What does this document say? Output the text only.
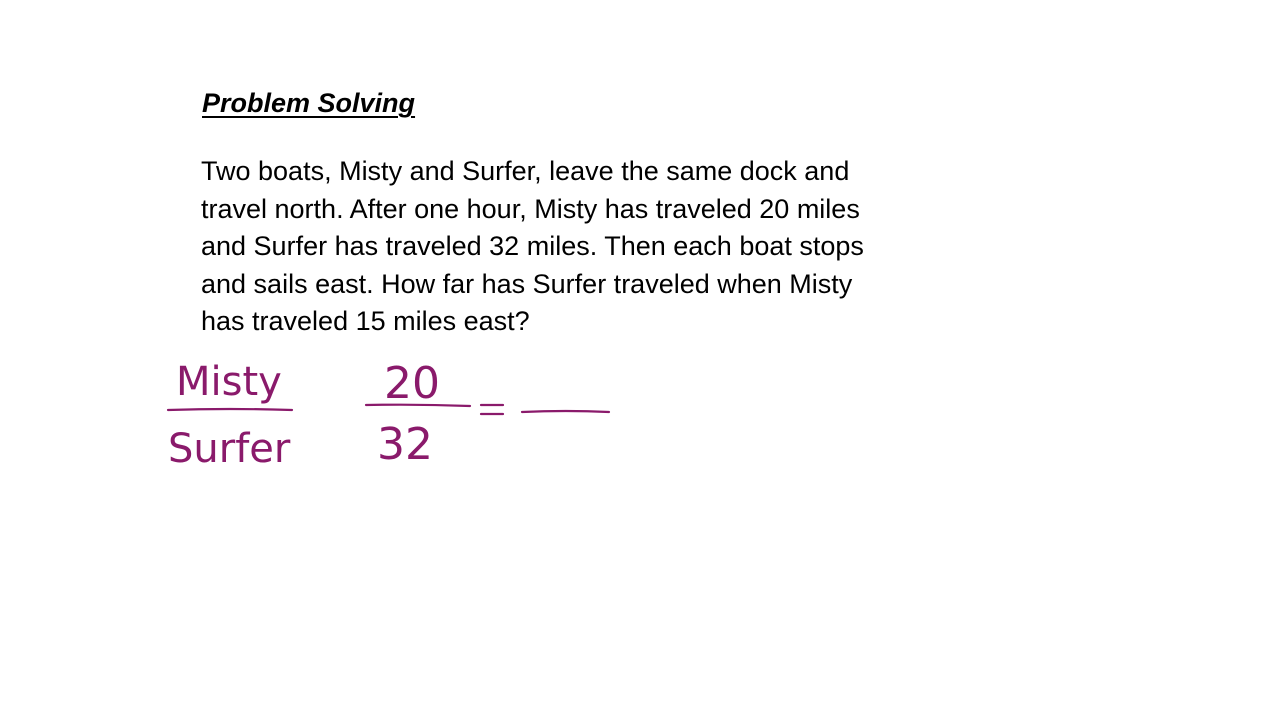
Problem Solving

Two boats, Misty and Surfer, leave the same dock and
travel north. After one hour, Misty has traveled 20 miles
and Surfer has traveled 32 miles. Then each boat stops
and sails east. How far has Surfer traveled when Misty
has traveled 15 miles east?

Misty
Surfer
20
32
